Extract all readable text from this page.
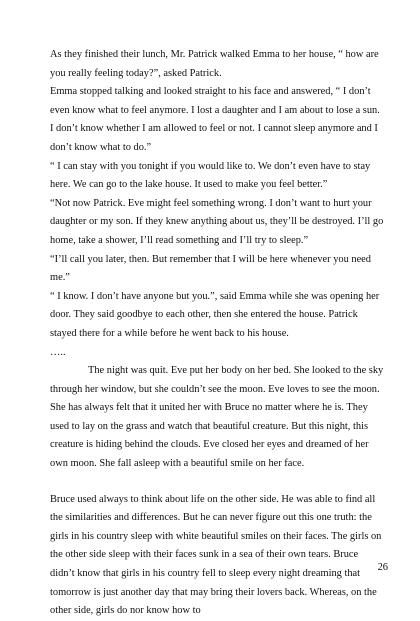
As they finished their lunch, Mr. Patrick walked Emma to her house, “ how are you really feeling today?”, asked Patrick.

Emma stopped talking and looked straight to his face and answered, “ I don’t even know what to feel anymore. I lost a daughter and I am about to lose a sun. I don’t know whether I am allowed to feel or not. I cannot sleep anymore and I don’t know what to do.”

“ I can stay with you tonight if you would like to. We don’t even have to stay here. We can go to the lake house. It used to make you feel better.”

“Not now Patrick. Eve might feel something wrong. I don’t want to hurt your daughter or my son. If they knew anything about us, they’ll be destroyed. I’ll go home, take a shower, I’ll read something and I’ll try to sleep.”

“I’ll call you later, then. But remember that I will be here whenever you need me.”

“ I know. I don’t have anyone but you.”, said Emma while she was opening her door. They said goodbye to each other, then she entered the house. Patrick stayed there for a while before he went back to his house.

…..

The night was quit. Eve put her body on her bed. She looked to the sky through her window, but she couldn’t see the moon. Eve loves to see the moon. She has always felt that it united her with Bruce no matter where he is. They used to lay on the grass and watch that beautiful creature. But this night, this creature is hiding behind the clouds. Eve closed her eyes and dreamed of her own moon. She fall asleep with a beautiful smile on her face.

Bruce used always to think about life on the other side. He was able to find all the similarities and differences. But he can never figure out this one truth: the girls in his country sleep with white beautiful smiles on their faces. The girls on the other side sleep with their faces sunk in a sea of their own tears. Bruce didn’t know that girls in his country fell to sleep every night dreaming that tomorrow is just another day that may bring their lovers back. Whereas, on the other side, girls do nor know how to

26
